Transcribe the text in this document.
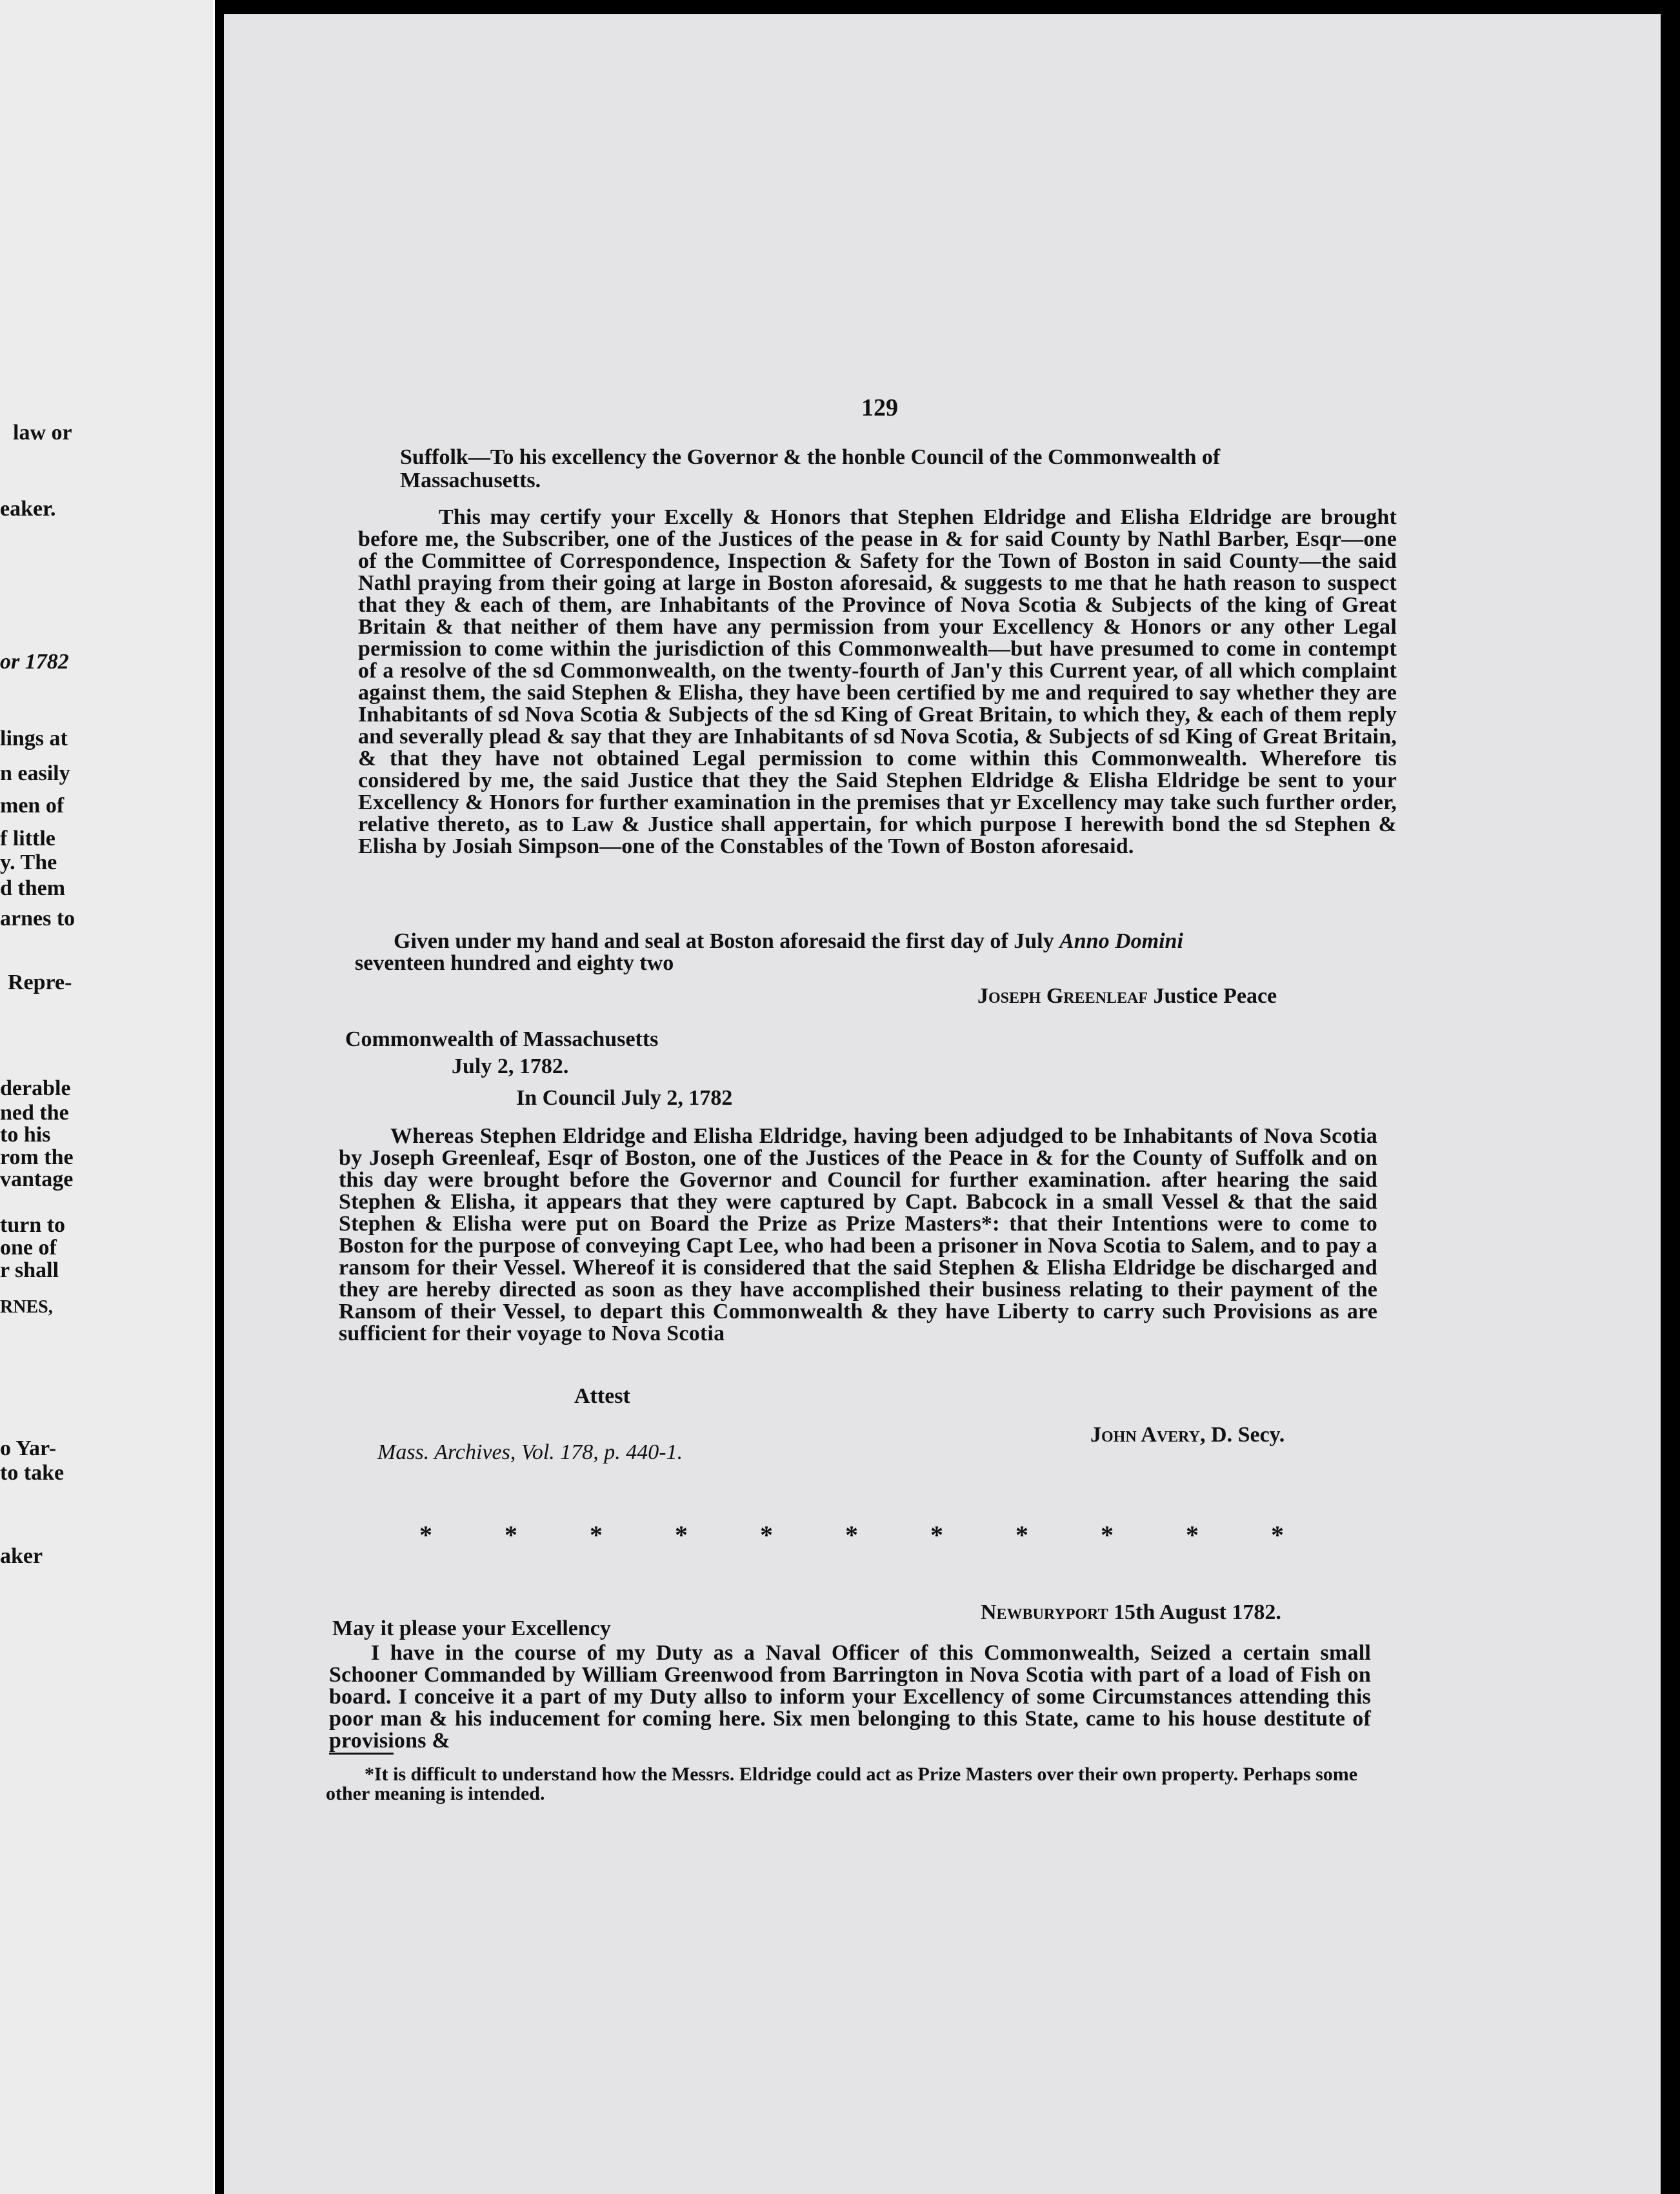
law or
eaker.
or 1782
lings at
n easily
men of
f little
y. The
d them
arnes to
Repre-
derable
ned the
to his
rom the
vantage
turn to
one of
r shall
RNES,
o Yar-
to take
aker
129
Suffolk—To his excellency the Governor & the honble Council of the Commonwealth of
Massachusetts.
This may certify your Excelly & Honors that Stephen Eldridge and Elisha Eldridge are brought before me, the Subscriber, one of the Justices of the pease in & for said County by Nathl Barber, Esqr—one of the Committee of Correspondence, Inspection & Safety for the Town of Boston in said County—the said Nathl praying from their going at large in Boston aforesaid, & suggests to me that he hath reason to suspect that they & each of them, are Inhabitants of the Province of Nova Scotia & Subjects of the king of Great Britain & that neither of them have any permission from your Excellency & Honors or any other Legal permission to come within the jurisdiction of this Commonwealth—but have presumed to come in contempt of a resolve of the sd Commonwealth, on the twenty-fourth of Jan'y this Current year, of all which complaint against them, the said Stephen & Elisha, they have been certified by me and required to say whether they are Inhabitants of sd Nova Scotia & Subjects of the sd King of Great Britain, to which they, & each of them reply and severally plead & say that they are Inhabitants of sd Nova Scotia, & Subjects of sd King of Great Britain, & that they have not obtained Legal permission to come within this Commonwealth. Wherefore tis considered by me, the said Justice that they the Said Stephen Eldridge & Elisha Eldridge be sent to your Excellency & Honors for further examination in the premises that yr Excellency may take such further order, relative thereto, as to Law & Justice shall appertain, for which purpose I herewith bond the sd Stephen & Elisha by Josiah Simpson—one of the Constables of the Town of Boston aforesaid.
Given under my hand and seal at Boston aforesaid the first day of July Anno Domini
seventeen hundred and eighty two
Joseph Greenleaf Justice Peace
Commonwealth of Massachusetts
July 2, 1782.
In Council July 2, 1782
Whereas Stephen Eldridge and Elisha Eldridge, having been adjudged to be Inhabitants of Nova Scotia by Joseph Greenleaf, Esqr of Boston, one of the Justices of the Peace in & for the County of Suffolk and on this day were brought before the Governor and Council for further examination. after hearing the said Stephen & Elisha, it appears that they were captured by Capt. Babcock in a small Vessel & that the said Stephen & Elisha were put on Board the Prize as Prize Masters*: that their Intentions were to come to Boston for the purpose of conveying Capt Lee, who had been a prisoner in Nova Scotia to Salem, and to pay a ransom for their Vessel. Whereof it is considered that the said Stephen & Elisha Eldridge be discharged and they are hereby directed as soon as they have accomplished their business relating to their payment of the Ransom of their Vessel, to depart this Commonwealth & they have Liberty to carry such Provisions as are sufficient for their voyage to Nova Scotia
Attest
John Avery, D. Secy.
Mass. Archives, Vol. 178, p. 440-1.
*	*	*	*	*	*	*	*	*	*	*
Newburyport 15th August 1782.
May it please your Excellency
I have in the course of my Duty as a Naval Officer of this Commonwealth, Seized a certain small Schooner Commanded by William Greenwood from Barrington in Nova Scotia with part of a load of Fish on board. I conceive it a part of my Duty allso to inform your Excellency of some Circumstances attending this poor man & his inducement for coming here. Six men belonging to this State, came to his house destitute of provisions &
*It is difficult to understand how the Messrs. Eldridge could act as Prize Masters over their own property. Perhaps some other meaning is intended.
